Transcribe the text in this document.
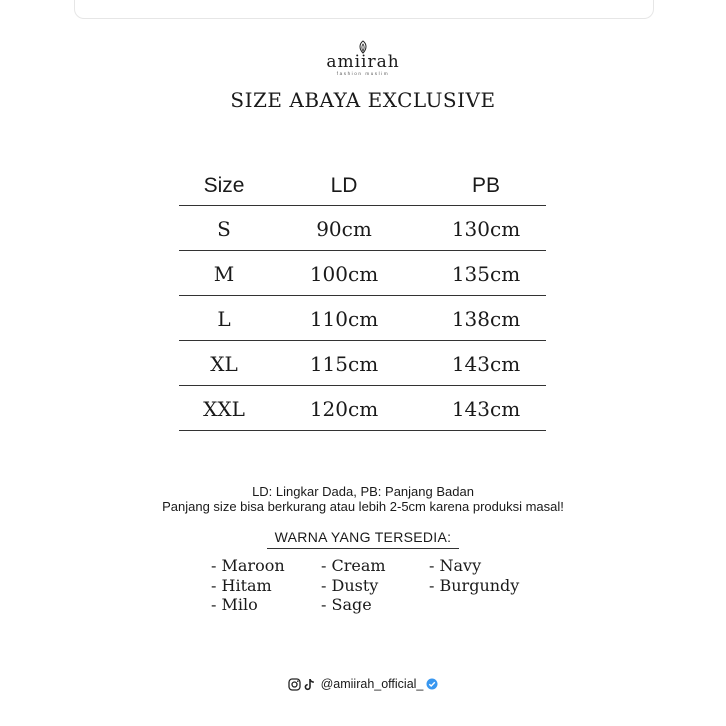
amiirah
fashion muslim
SIZE ABAYA EXCLUSIVE
Size	LD	PB
S	90cm	130cm
M	100cm	135cm
L	110cm	138cm
XL	115cm	143cm
XXL	120cm	143cm
LD: Lingkar Dada, PB: Panjang Badan
Panjang size bisa berkurang atau lebih 2-5cm karena produksi masal!
WARNA YANG TERSEDIA:
- Maroon
- Hitam
- Milo
- Cream
- Dusty
- Sage
- Navy
- Burgundy
@amiirah_official_
